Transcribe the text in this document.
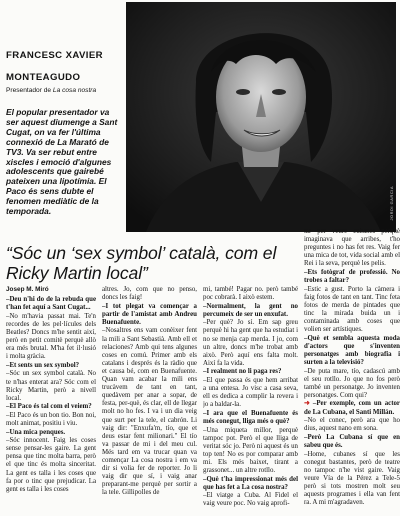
FRANCESC XAVIER
MONTEAGUDO
Presentador de La cosa nostra
El popular presentador va ser aquest diumenge a Sant Cugat, on va fer l'última connexió de La Marató de TV3. Va ser rebut entre xiscles i emoció d'algunes adolescents que gairebé pateixen una lipotímia. El Paco és sens dubte el fenomen mediàtic de la temporada.	JORDI GARCIA
“Sóc un ‘sex symbol’ català, com el Ricky Martin local”
Josep M. Miró

–Deu n'hi do de la rebuda que t'han fet aquí a Sant Cugat...

–No m'havia passat mai. Te'n recordes de les pel·lícules dels Beatles? Doncs m'he sentit així, però en petit comitè perquè allò era més brutal. M'ha fet il·lusió i molta gràcia.

–Et sents un sex symbol?

–Sóc un sex symbol català. No te n'has enterat ara? Sóc com el Ricky Martin, però a nivell local.

–El Paco és tal com el veiem?

–El Paco és un bon tio. Bon noi, molt animat, positiu i viu.

–Una mica penques.

–Sóc innocent. Faig les coses sense pensar-les gaire. La gent pensa que tinc molta barra, però el que tinc és molta sinceritat. La gent es talla i les coses que fa por o tinc que prejudicar. La gent es talla i les coses

altres. Jo, com que no penso, doncs les faig!

–I tot plegat va començar a partir de l'amistat amb Andreu Buenafuente.

–Nosaltres ens vam conèixer fent la mili a Sant Sebastià. Amb ell et relaciones? Amb qui tens algunes coses en comú. Primer amb els catalans i després és la ràdio que et causa bé, com en Buenafuente. Quan vam acabar la mili ens trucàvem de tant en tant, quedàvem per anar a sopar, de festa, per-què, és clar, ell de llegar molt no ho fes. I va i un dia veig que surt per la tele, el cabrón. Li vaig dir: "Enxufa'm, tío, que et deus estar fent milionari." El tío va passar de mi i del meu cul. Més tard em va trucar quan va començar La cosa nostra i em va dir si volia fer de reporter. Jo li vaig dir que sí, i vaig anar preparant-me perquè per sortir a la tele. Gillipolles de

mi, també! Pagar no. però també poc cobrarà. I això estem.

–Normalment, la gent no percumeix de ser un enxufat.

–Per què? Jo sí. Em sap greu perquè hi ha gent que ha estudiat i no se menja cap merda. I jo, com un altre, doncs m'he trobat amb això. Però aquí ens falta molt. Així fa la vida.

–I realment no li paga res?

–El que passa és que hem arribat a una entesa. Jo visc a casa seva, ell es dedica a complir la revera i jo a baldar-la.

–I ara que el Buenafuente és més conegut, lliga més o què?

–Una miqueta millor, perquè tampoc pot. Però el que lliga de veritat sóc jo. Però ni aquest és un top ten! No es por comparar amb mi. Els més baixet, tirant a grassonet... un altre rotllo.

–Què t'ha impressionat més del que has fet a La cosa nostra?

–El viatge a Cuba. Al Fidel el vaig veure poc. No vaig aprofi-

tar per veure cubanes perquè imaginava que arribes, t'ho preguntes i no has fet res. Vaig fer una mica de tot, vida social amb el Rei i la seva, perquè les pelis.

–Ets fotògraf de professió. No trobes a faltar?

–Estic a gust. Porto la càmera i faig fotos de tant en tant. Tinc feta fotos de merda de pintades que tinc la mirada buida un i contaminada amb coses que volien ser artístiques.

–Què et sembla aquesta moda d'actors que s'inventen personatges amb biografia i surten a la televisió?

–De puta mare, tío, cadascú amb el seu rotllo. Jo que no fos però també un personatge. Jo inventen personatges. Com qui?

➜ –Per exemple, com un actor de La Cubana, el Santi Millán.

–No el conec, però ara que ho dius, aquest nano em sona.

–Però La Cubana sí que en sabeu que és.

–Home, cubanes sí que les conegut bastantes, però de teatre no tampoc n'he vist gaire. Vaig veure Vía de la Pérez a Tele-5 però si tots mostren molt seu aquests programes i ella van fent ra. A mi m'agradaven.
